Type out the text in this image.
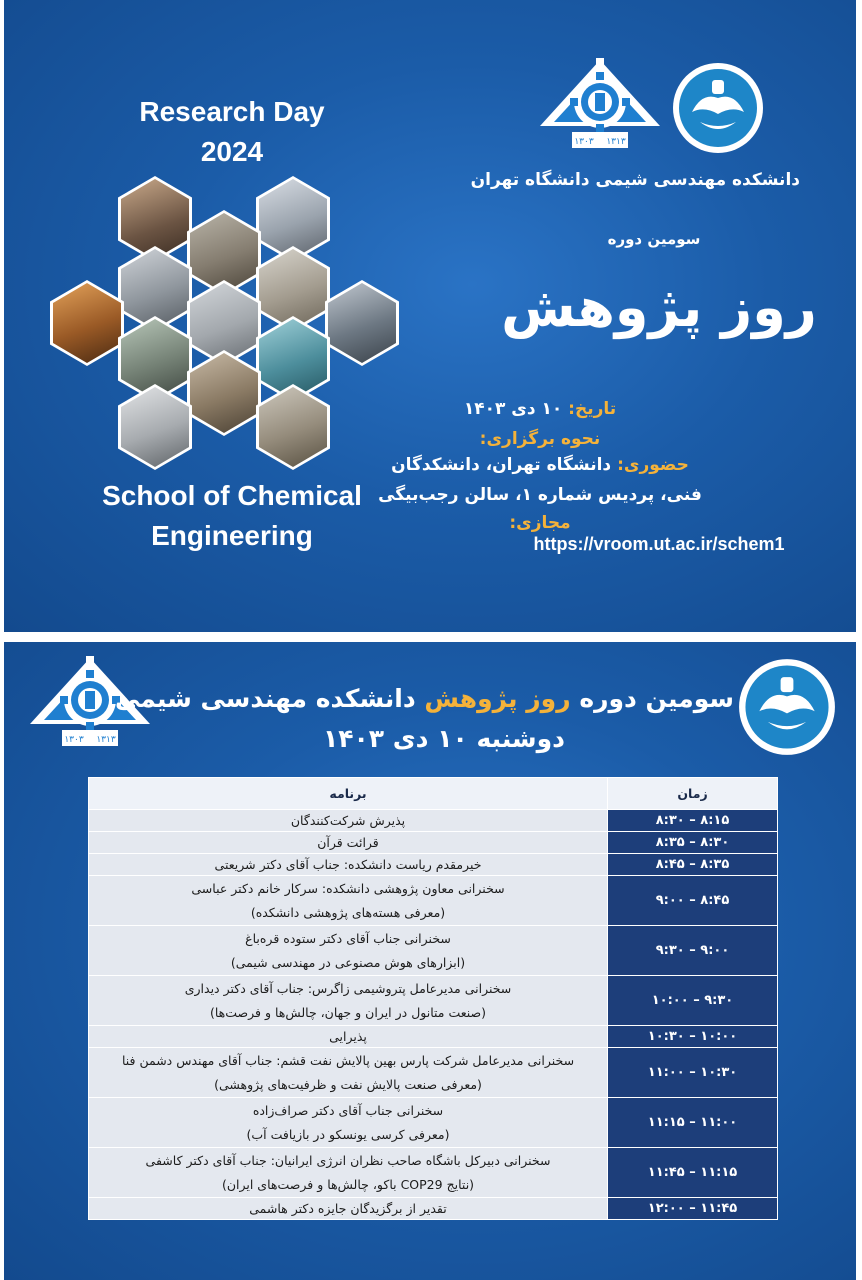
Research Day
2024
School of Chemical
Engineering
۱۳۰۳ ۱۳۱۳
دانشکده مهندسی شیمی دانشگاه تهران
سومین دوره
روز پژوهش
تاریخ: ۱۰ دی ۱۴۰۳
نحوه برگزاری:
حضوری: دانشگاه تهران، دانشکدگان
فنی، پردیس شماره ۱، سالن رجب‌بیگی
مجازی:
https://vroom.ut.ac.ir/schem1
۱۳۰۳ ۱۳۱۳
سومین دوره روز پژوهش دانشکده مهندسی شیمی
دوشنبه ۱۰ دی ۱۴۰۳
زمان	برنامه
۸:۱۵ – ۸:۳۰	پذیرش شرکت‌کنندگان
۸:۳۰ – ۸:۳۵	قرائت قرآن
۸:۳۵ – ۸:۴۵	خیرمقدم ریاست دانشکده: جناب آقای دکتر شریعتی
۸:۴۵ – ۹:۰۰	سخنرانی معاون پژوهشی دانشکده: سرکار خانم دکتر عباسی
(معرفی هسته‌های پژوهشی دانشکده)

۹:۰۰ – ۹:۳۰	سخنرانی جناب آقای دکتر ستوده قره‌باغ
(ابزارهای هوش مصنوعی در مهندسی شیمی)

۹:۳۰ – ۱۰:۰۰	سخنرانی مدیرعامل پتروشیمی زاگرس: جناب آقای دکتر دیداری
(صنعت متانول در ایران و جهان، چالش‌ها و فرصت‌ها)

۱۰:۰۰ – ۱۰:۳۰	پذیرایی
۱۰:۳۰ – ۱۱:۰۰	سخنرانی مدیرعامل شرکت پارس بهین پالایش نفت قشم: جناب آقای مهندس دشمن فنا
(معرفی صنعت پالایش نفت و ظرفیت‌های پژوهشی)

۱۱:۰۰ – ۱۱:۱۵	سخنرانی جناب آقای دکتر صراف‌زاده
(معرفی کرسی یونسکو در بازیافت آب)

۱۱:۱۵ – ۱۱:۴۵	سخنرانی دبیرکل باشگاه صاحب نظران انرژی ایرانیان: جناب آقای دکتر کاشفی
(نتایج COP29 باکو، چالش‌ها و فرصت‌های ایران)

۱۱:۴۵ – ۱۲:۰۰	تقدیر از برگزیدگان جایزه دکتر هاشمی
